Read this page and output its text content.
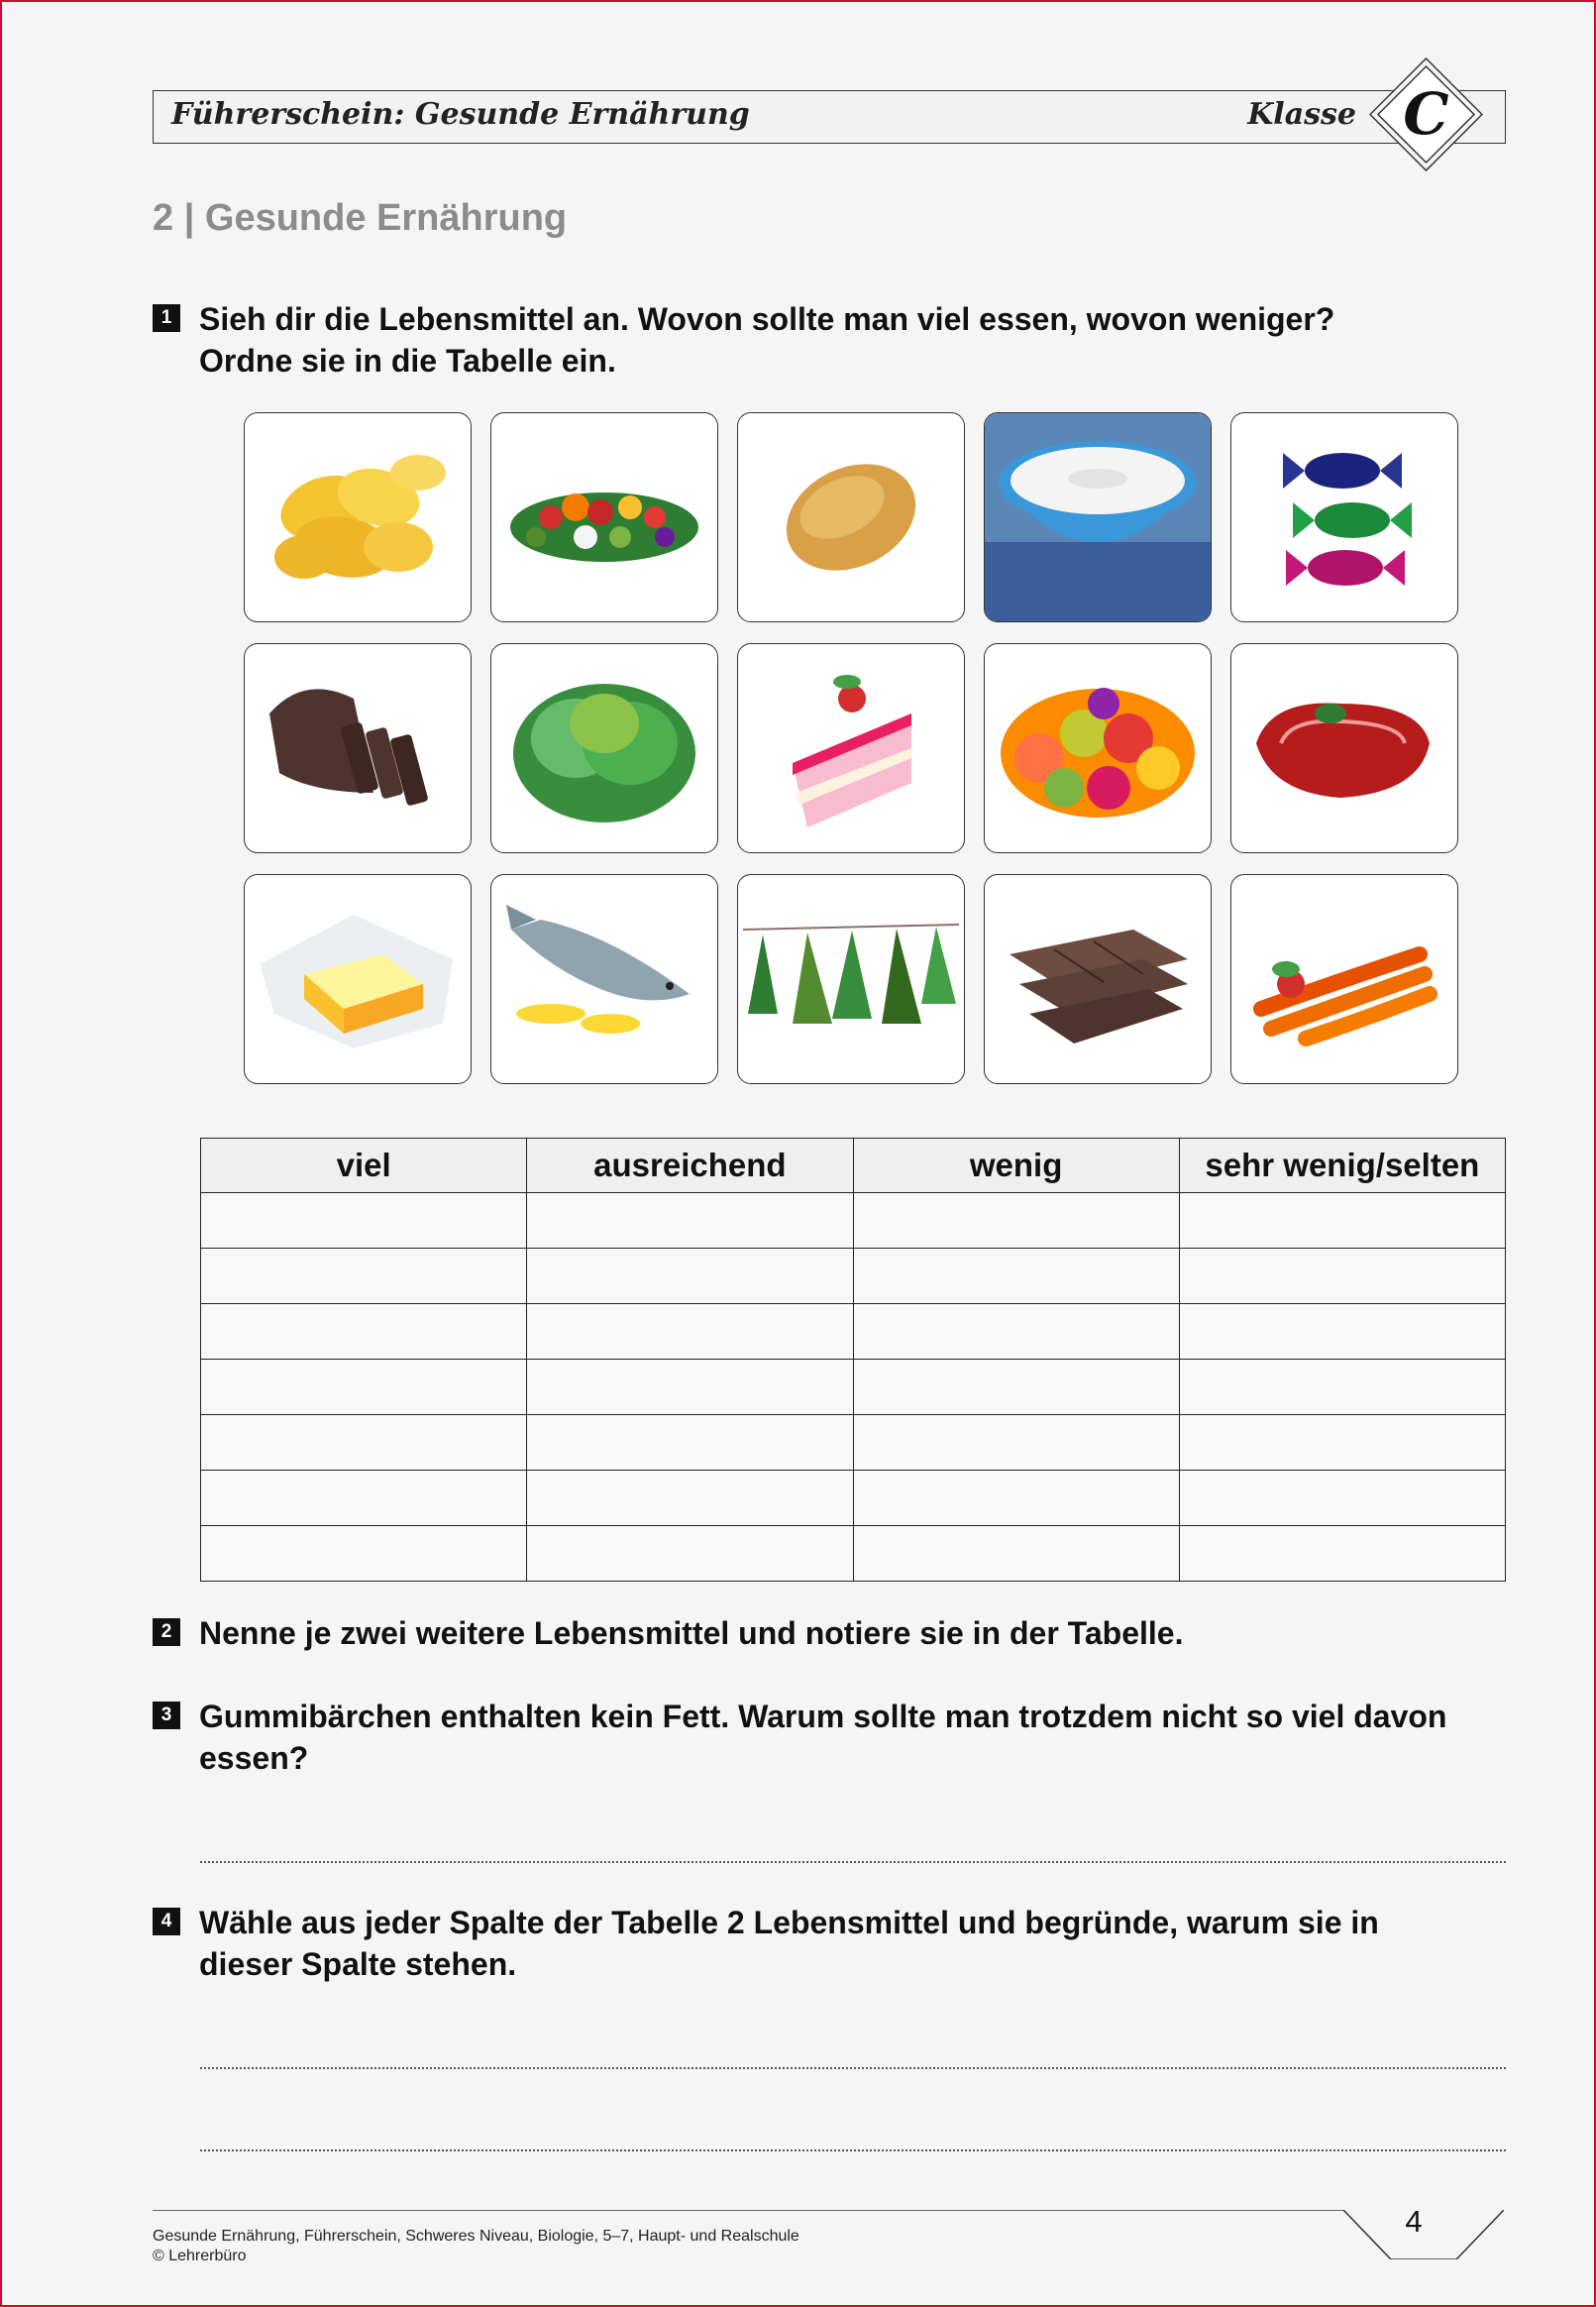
Führerschein: Gesunde Ernährung	Klasse C
2 | Gesunde Ernährung
1 Sieh dir die Lebensmittel an. Wovon sollte man viel essen, wovon weniger? Ordne sie in die Tabelle ein.
viel	ausreichend	wenig	sehr wenig/selten

2 Nenne je zwei weitere Lebensmittel und notiere sie in der Tabelle.
3 Gummibärchen enthalten kein Fett. Warum sollte man trotzdem nicht so viel davon essen?
4 Wähle aus jeder Spalte der Tabelle 2 Lebensmittel und begründe, warum sie in dieser Spalte stehen.
Gesunde Ernährung, Führerschein, Schweres Niveau, Biologie, 5–7, Haupt- und Realschule
© Lehrerbüro
4
